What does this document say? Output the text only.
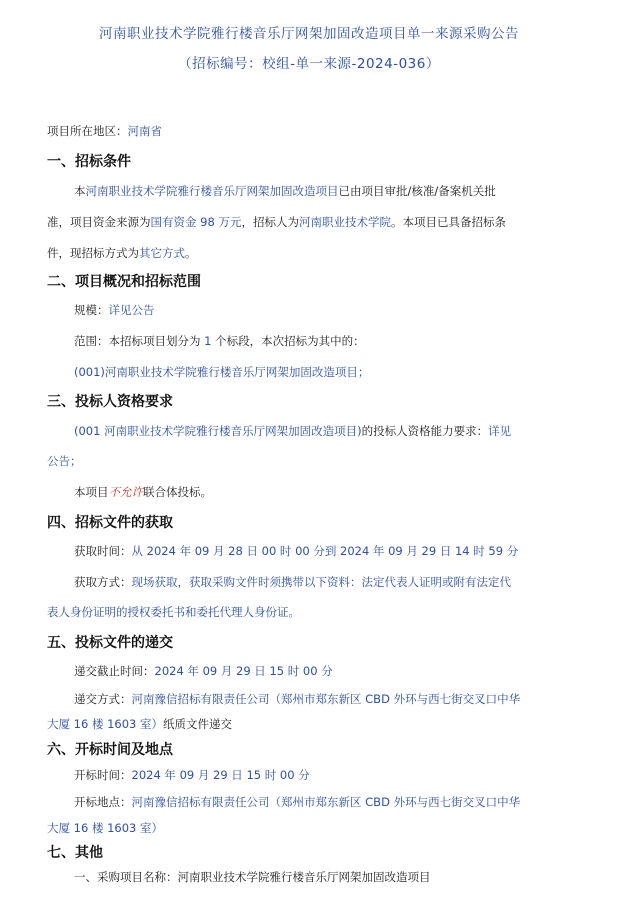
河南职业技术学院雅行楼音乐厅网架加固改造项目单一来源采购公告
（招标编号：校组-单一来源-2024-036）
项目所在地区：河南省
一、招标条件
本河南职业技术学院雅行楼音乐厅网架加固改造项目已由项目审批/核准/备案机关批
准，项目资金来源为国有资金 98 万元，招标人为河南职业技术学院。本项目已具备招标条
件，现招标方式为其它方式。
二、项目概况和招标范围
规模：详见公告
范围：本招标项目划分为 1 个标段，本次招标为其中的：
(001)河南职业技术学院雅行楼音乐厅网架加固改造项目；
三、投标人资格要求
(001 河南职业技术学院雅行楼音乐厅网架加固改造项目)的投标人资格能力要求：详见
公告；
本项目不允许联合体投标。
四、招标文件的获取
获取时间：从 2024 年 09 月 28 日 00 时 00 分到 2024 年 09 月 29 日 14 时 59 分
获取方式：现场获取，获取采购文件时须携带以下资料：法定代表人证明或附有法定代
表人身份证明的授权委托书和委托代理人身份证。
五、投标文件的递交
递交截止时间：2024 年 09 月 29 日 15 时 00 分
递交方式：河南豫信招标有限责任公司（郑州市郑东新区 CBD 外环与西七街交叉口中华
大厦 16 楼 1603 室）纸质文件递交
六、开标时间及地点
开标时间：2024 年 09 月 29 日 15 时 00 分
开标地点：河南豫信招标有限责任公司（郑州市郑东新区 CBD 外环与西七街交叉口中华
大厦 16 楼 1603 室）
七、其他
一、采购项目名称：河南职业技术学院雅行楼音乐厅网架加固改造项目
